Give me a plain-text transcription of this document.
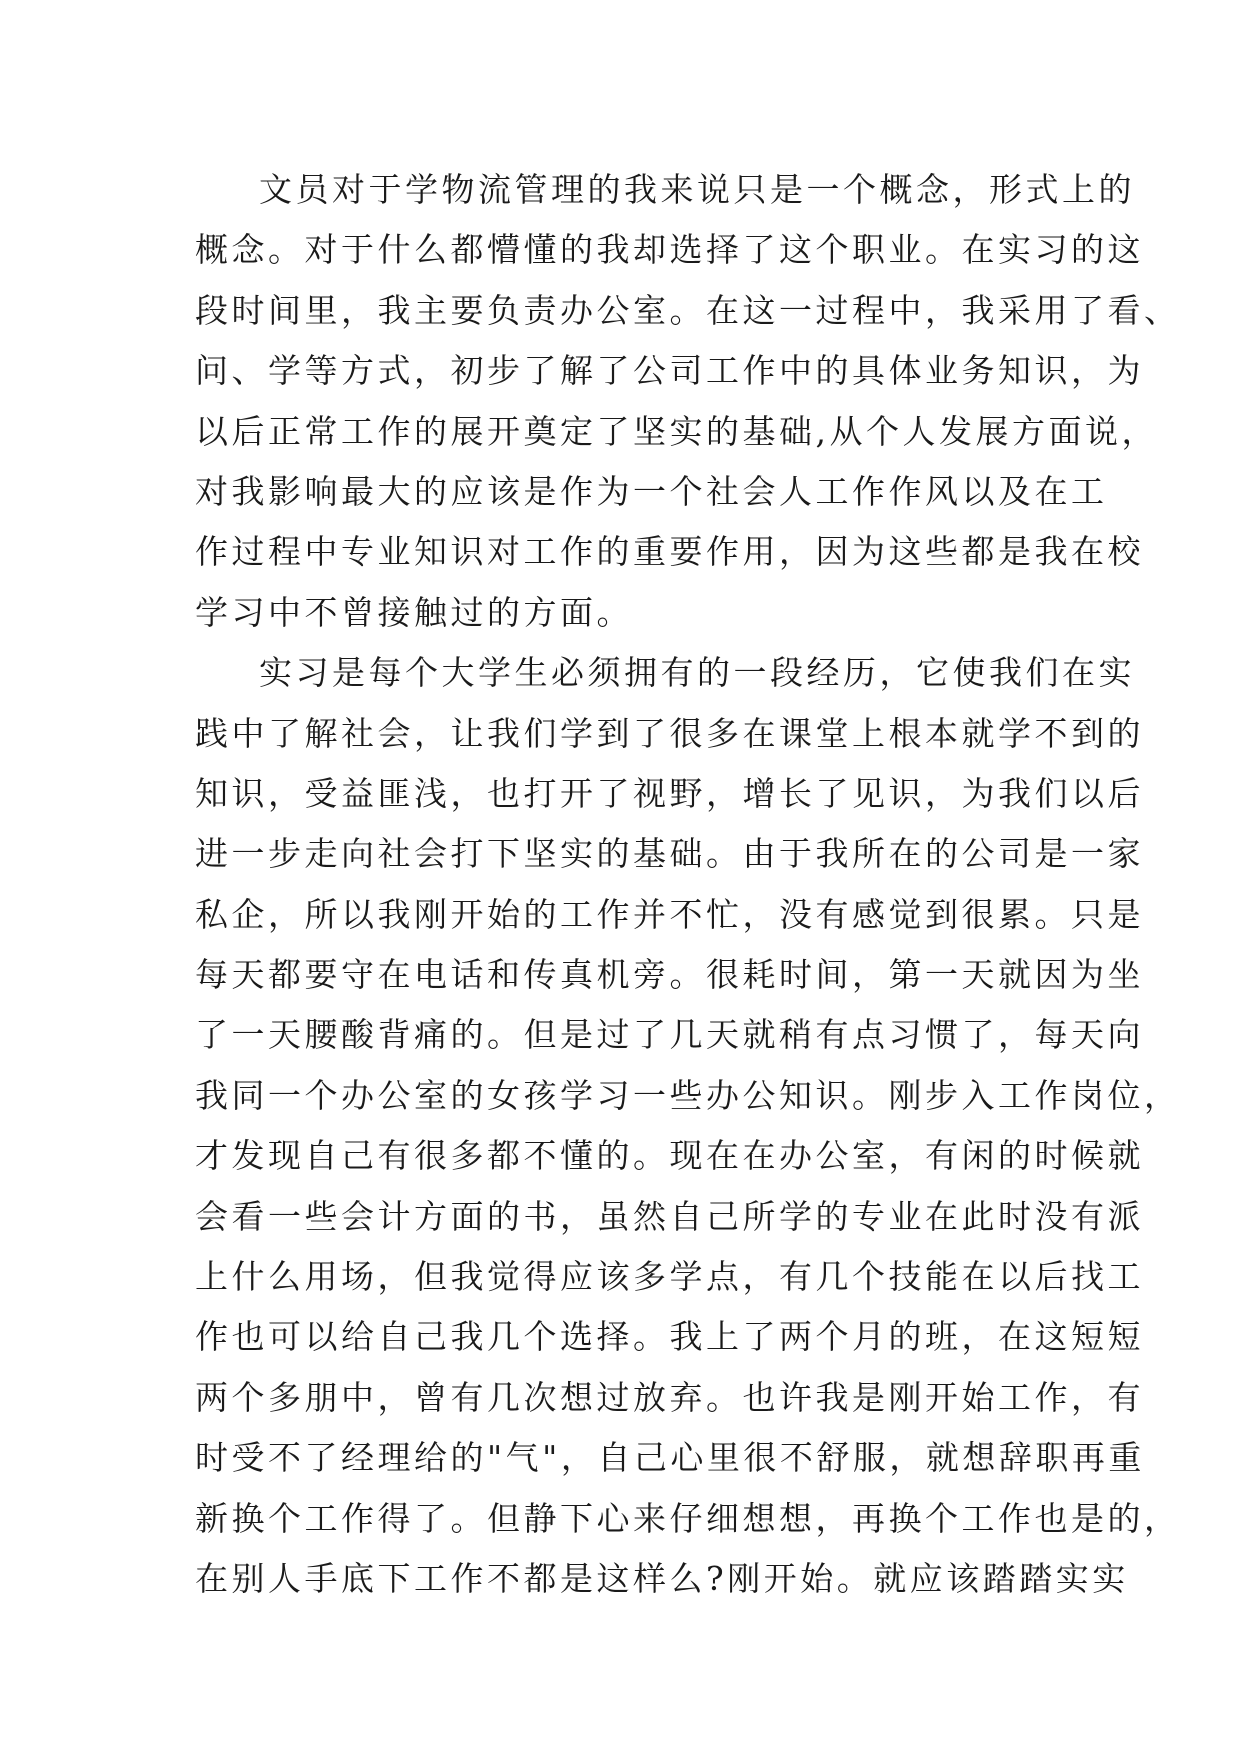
文员对于学物流管理的我来说只是一个概念，形式上的
概念。对于什么都懵懂的我却选择了这个职业。在实习的这
段时间里，我主要负责办公室。在这一过程中，我采用了看、
问、学等方式，初步了解了公司工作中的具体业务知识，为
以后正常工作的展开奠定了坚实的基础,从个人发展方面说，
对我影响最大的应该是作为一个社会人工作作风以及在工
作过程中专业知识对工作的重要作用，因为这些都是我在校
学习中不曾接触过的方面。
实习是每个大学生必须拥有的一段经历，它使我们在实
践中了解社会，让我们学到了很多在课堂上根本就学不到的
知识，受益匪浅，也打开了视野，增长了见识，为我们以后
进一步走向社会打下坚实的基础。由于我所在的公司是一家
私企，所以我刚开始的工作并不忙，没有感觉到很累。只是
每天都要守在电话和传真机旁。很耗时间，第一天就因为坐
了一天腰酸背痛的。但是过了几天就稍有点习惯了，每天向
我同一个办公室的女孩学习一些办公知识。刚步入工作岗位，
才发现自己有很多都不懂的。现在在办公室，有闲的时候就
会看一些会计方面的书，虽然自己所学的专业在此时没有派
上什么用场，但我觉得应该多学点，有几个技能在以后找工
作也可以给自己我几个选择。我上了两个月的班，在这短短
两个多朋中，曾有几次想过放弃。也许我是刚开始工作，有
时受不了经理给的"气"，自己心里很不舒服，就想辞职再重
新换个工作得了。但静下心来仔细想想，再换个工作也是的，
在别人手底下工作不都是这样么?刚开始。就应该踏踏实实
